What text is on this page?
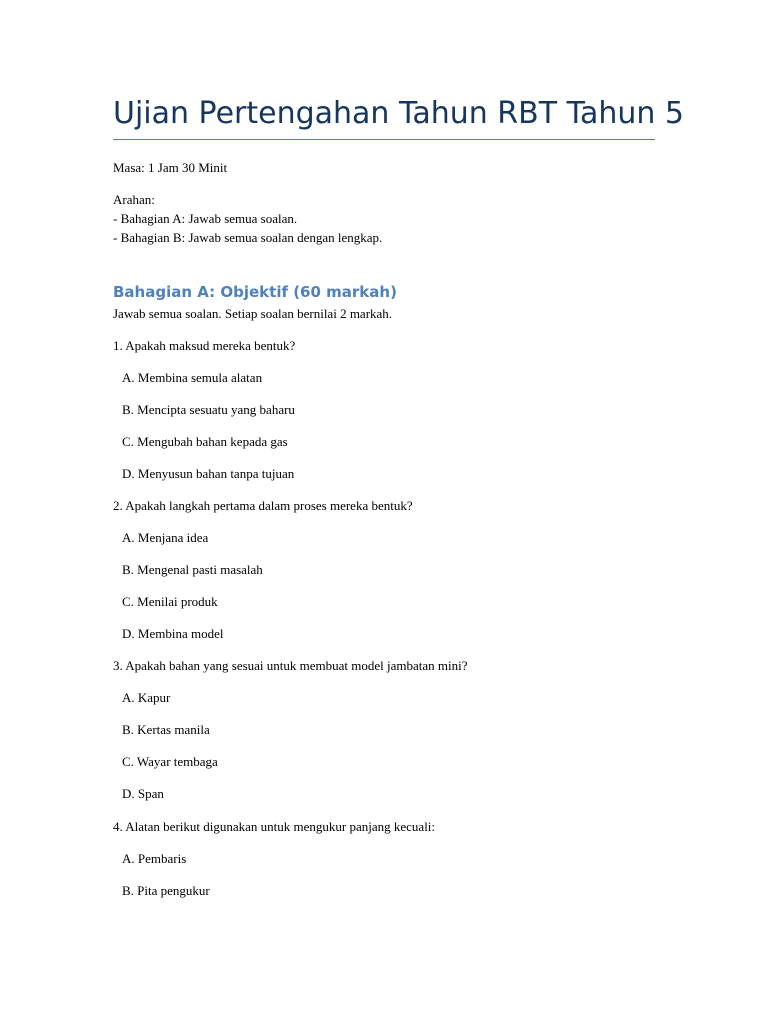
Ujian Pertengahan Tahun RBT Tahun 5
Masa: 1 Jam 30 Minit
Arahan:
- Bahagian A: Jawab semua soalan.
- Bahagian B: Jawab semua soalan dengan lengkap.
Bahagian A: Objektif (60 markah)
Jawab semua soalan. Setiap soalan bernilai 2 markah.
1. Apakah maksud mereka bentuk?
A. Membina semula alatan
B. Mencipta sesuatu yang baharu
C. Mengubah bahan kepada gas
D. Menyusun bahan tanpa tujuan
2. Apakah langkah pertama dalam proses mereka bentuk?
A. Menjana idea
B. Mengenal pasti masalah
C. Menilai produk
D. Membina model
3. Apakah bahan yang sesuai untuk membuat model jambatan mini?
A. Kapur
B. Kertas manila
C. Wayar tembaga
D. Span
4. Alatan berikut digunakan untuk mengukur panjang kecuali:
A. Pembaris
B. Pita pengukur
